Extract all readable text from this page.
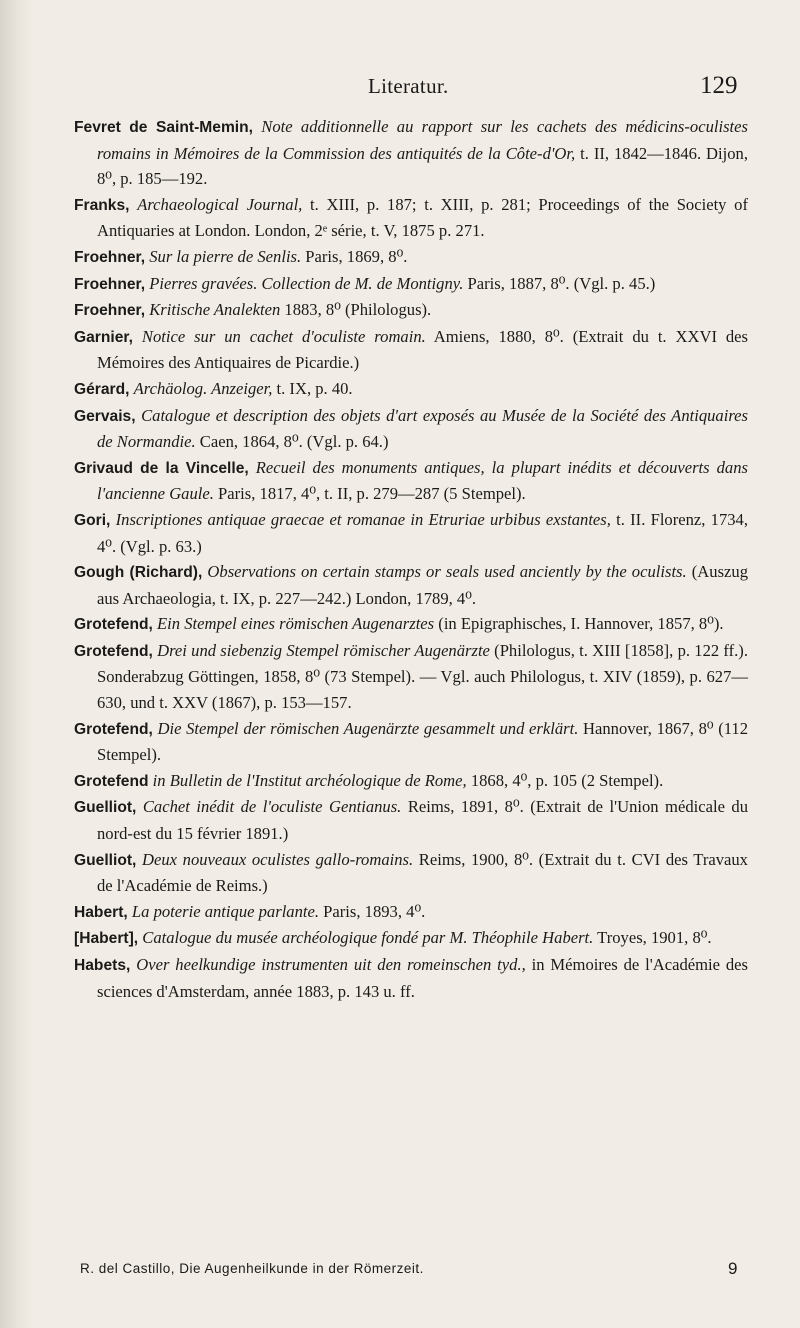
Literatur.	129

Fevret de Saint-Memin, Note additionnelle au rapport sur les cachets des médicins-oculistes romains in Mémoires de la Commission des antiquités de la Côte-d'Or, t. II, 1842—1846. Dijon, 8⁰, p. 185—192.

Franks, Archaeological Journal, t. XIII, p. 187; t. XIII, p. 281; Proceedings of the Society of Antiquaries at London. London, 2ᵉ série, t. V, 1875 p. 271.

Froehner, Sur la pierre de Senlis. Paris, 1869, 8⁰.

Froehner, Pierres gravées. Collection de M. de Montigny. Paris, 1887, 8⁰. (Vgl. p. 45.)

Froehner, Kritische Analekten 1883, 8⁰ (Philologus).

Garnier, Notice sur un cachet d'oculiste romain. Amiens, 1880, 8⁰. (Extrait du t. XXVI des Mémoires des Antiquaires de Picardie.)

Gérard, Archäolog. Anzeiger, t. IX, p. 40.

Gervais, Catalogue et description des objets d'art exposés au Musée de la Société des Antiquaires de Normandie. Caen, 1864, 8⁰. (Vgl. p. 64.)

Grivaud de la Vincelle, Recueil des monuments antiques, la plupart inédits et découverts dans l'ancienne Gaule. Paris, 1817, 4⁰, t. II, p. 279—287 (5 Stempel).

Gori, Inscriptiones antiquae graecae et romanae in Etruriae urbibus exstantes, t. II. Florenz, 1734, 4⁰. (Vgl. p. 63.)

Gough (Richard), Observations on certain stamps or seals used anciently by the oculists. (Auszug aus Archaeologia, t. IX, p. 227—242.) London, 1789, 4⁰.

Grotefend, Ein Stempel eines römischen Augenarztes (in Epigraphisches, I. Hannover, 1857, 8⁰).

Grotefend, Drei und siebenzig Stempel römischer Augenärzte (Philologus, t. XIII [1858], p. 122 ff.). Sonderabzug Göttingen, 1858, 8⁰ (73 Stempel). — Vgl. auch Philologus, t. XIV (1859), p. 627—630, und t. XXV (1867), p. 153—157.

Grotefend, Die Stempel der römischen Augenärzte gesammelt und erklärt. Hannover, 1867, 8⁰ (112 Stempel).

Grotefend in Bulletin de l'Institut archéologique de Rome, 1868, 4⁰, p. 105 (2 Stempel).

Guelliot, Cachet inédit de l'oculiste Gentianus. Reims, 1891, 8⁰. (Extrait de l'Union médicale du nord-est du 15 février 1891.)

Guelliot, Deux nouveaux oculistes gallo-romains. Reims, 1900, 8⁰. (Extrait du t. CVI des Travaux de l'Académie de Reims.)

Habert, La poterie antique parlante. Paris, 1893, 4⁰.

[Habert], Catalogue du musée archéologique fondé par M. Théophile Habert. Troyes, 1901, 8⁰.

Habets, Over heelkundige instrumenten uit den romeinschen tyd., in Mémoires de l'Académie des sciences d'Amsterdam, année 1883, p. 143 u. ff.

R. del Castillo, Die Augenheilkunde in der Römerzeit.	9
